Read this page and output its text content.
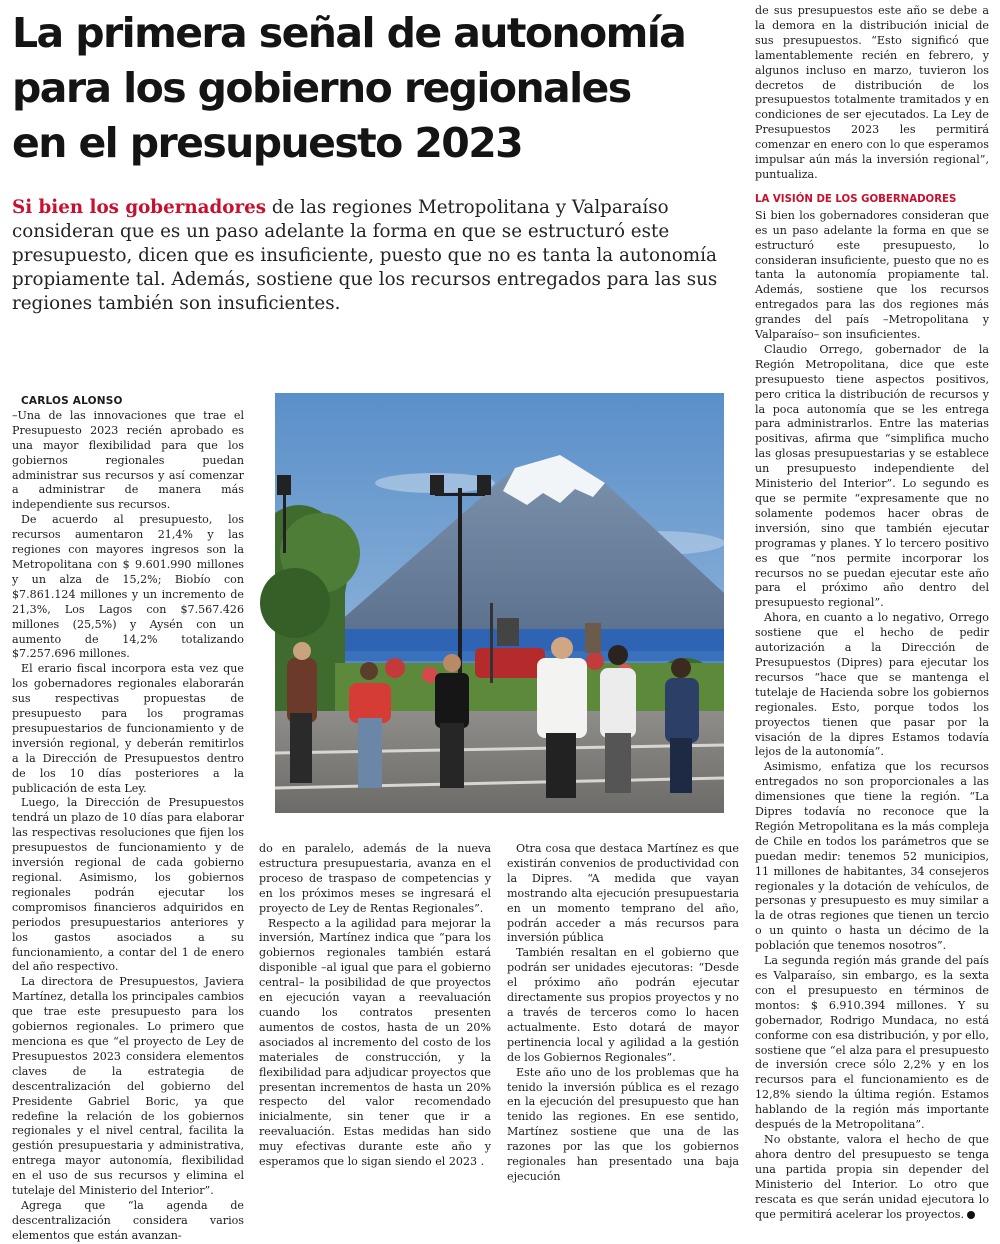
La primera señal de autonomía
para los gobierno regionales
en el presupuesto 2023

Si bien los gobernadores de las regiones Metropolitana y Valparaíso consideran que es un paso adelante la forma en que se estructuró este presupuesto, dicen que es insuficiente, puesto que no es tanta la autonomía propiamente tal. Además, sostiene que los recursos entregados para las sus regiones también son insuficientes.

CARLOS ALONSO

–Una de las innovaciones que trae el Presupuesto 2023 recién aprobado es una mayor flexibilidad para que los gobiernos regionales puedan administrar sus recursos y así comenzar a administrar de manera más independiente sus recursos.

De acuerdo al presupuesto, los recursos aumentaron 21,4% y las regiones con mayores ingresos son la Metropolitana con $ 9.601.990 millones y un alza de 15,2%; Biobío con $7.861.124 millones y un incremento de 21,3%, Los Lagos con $7.567.426 millones (25,5%) y Aysén con un aumento de 14,2% totalizando $7.257.696 millones.

El erario fiscal incorpora esta vez que los gobernadores regionales elaborarán sus respectivas propuestas de presupuesto para los programas presupuestarios de funcionamiento y de inversión regional, y deberán remitirlos a la Dirección de Presupuestos dentro de los 10 días posteriores a la publicación de esta Ley.

Luego, la Dirección de Presupuestos tendrá un plazo de 10 días para elaborar las respectivas resoluciones que fijen los presupuestos de funcionamiento y de inversión regional de cada gobierno regional. Asimismo, los gobiernos regionales podrán ejecutar los compromisos financieros adquiridos en periodos presupuestarios anteriores y los gastos asociados a su funcionamiento, a contar del 1 de enero del año respectivo.

La directora de Presupuestos, Javiera Martínez, detalla los principales cambios que trae este presupuesto para los gobiernos regionales. Lo primero que menciona es que “el proyecto de Ley de Presupuestos 2023 considera elementos claves de la estrategia de descentralización del gobierno del Presidente Gabriel Boric, ya que redefine la relación de los gobiernos regionales y el nivel central, facilita la gestión presupuestaria y administrativa, entrega mayor autonomía, flexibilidad en el uso de sus recursos y elimina el tutelaje del Ministerio del Interior”.

Agrega que “la agenda de descentralización considera varios elementos que están avanzan-

do en paralelo, además de la nueva estructura presupuestaria, avanza en el proceso de traspaso de competencias y en los próximos meses se ingresará el proyecto de Ley de Rentas Regionales”.

Respecto a la agilidad para mejorar la inversión, Martínez indica que “para los gobiernos regionales también estará disponible –al igual que para el gobierno central– la posibilidad de que proyectos en ejecución vayan a reevaluación cuando los contratos presenten aumentos de costos, hasta de un 20% asociados al incremento del costo de los materiales de construcción, y la flexibilidad para adjudicar proyectos que presentan incrementos de hasta un 20% respecto del valor recomendado inicialmente, sin tener que ir a reevaluación. Estas medidas han sido muy efectivas durante este año y esperamos que lo sigan siendo el 2023 .

Otra cosa que destaca Martínez es que existirán convenios de productividad con la Dipres. “A medida que vayan mostrando alta ejecución presupuestaria en un momento temprano del año, podrán acceder a más recursos para inversión pública

También resaltan en el gobierno que podrán ser unidades ejecutoras: “Desde el próximo año podrán ejecutar directamente sus propios proyectos y no a través de terceros como lo hacen actualmente. Esto dotará de mayor pertinencia local y agilidad a la gestión de los Gobiernos Regionales”.

Este año uno de los problemas que ha tenido la inversión pública es el rezago en la ejecución del presupuesto que han tenido las regiones. En ese sentido, Martínez sostiene que una de las razones por las que los gobiernos regionales han presentado una baja ejecución

de sus presupuestos este año se debe a la demora en la distribución inicial de sus presupuestos. “Esto significó que lamentablemente recién en febrero, y algunos incluso en marzo, tuvieron los decretos de distribución de los presupuestos totalmente tramitados y en condiciones de ser ejecutados. La Ley de Presupuestos 2023 les permitirá comenzar en enero con lo que esperamos impulsar aún más la inversión regional”, puntualiza.

LA VISIÓN DE LOS GOBERNADORES

Si bien los gobernadores consideran que es un paso adelante la forma en que se estructuró este presupuesto, lo consideran insuficiente, puesto que no es tanta la autonomía propiamente tal. Además, sostiene que los recursos entregados para las dos regiones más grandes del país –Metropolitana y Valparaíso– son insuficientes.

Claudio Orrego, gobernador de la Región Metropolitana, dice que este presupuesto tiene aspectos positivos, pero critica la distribución de recursos y la poca autonomía que se les entrega para administrarlos. Entre las materias positivas, afirma que “simplifica mucho las glosas presupuestarias y se establece un presupuesto independiente del Ministerio del Interior”. Lo segundo es que se permite “expresamente que no solamente podemos hacer obras de inversión, sino que también ejecutar programas y planes. Y lo tercero positivo es que “nos permite incorporar los recursos no se puedan ejecutar este año para el próximo año dentro del presupuesto regional”.

Ahora, en cuanto a lo negativo, Orrego sostiene que el hecho de pedir autorización a la Dirección de Presupuestos (Dipres) para ejecutar los recursos “hace que se mantenga el tutelaje de Hacienda sobre los gobiernos regionales. Esto, porque todos los proyectos tienen que pasar por la visación de la dipres Estamos todavía lejos de la autonomía”.

Asimismo, enfatiza que los recursos entregados no son proporcionales a las dimensiones que tiene la región. “La Dipres todavía no reconoce que la Región Metropolitana es la más compleja de Chile en todos los parámetros que se puedan medir: tenemos 52 municipios, 11 millones de habitantes, 34 consejeros regionales y la dotación de vehículos, de personas y presupuesto es muy similar a la de otras regiones que tienen un tercio o un quinto o hasta un décimo de la población que tenemos nosotros”.

La segunda región más grande del país es Valparaíso, sin embargo, es la sexta con el presupuesto en términos de montos: $ 6.910.394 millones. Y su gobernador, Rodrigo Mundaca, no está conforme con esa distribución, y por ello, sostiene que “el alza para el presupuesto de inversión crece sólo 2,2% y en los recursos para el funcionamiento es de 12,8% siendo la última región. Estamos hablando de la región más importante después de la Metropolitana”.

No obstante, valora el hecho de que ahora dentro del presupuesto se tenga una partida propia sin depender del Ministerio del Interior. Lo otro que rescata es que serán unidad ejecutora lo que permitirá acelerar los proyectos.
